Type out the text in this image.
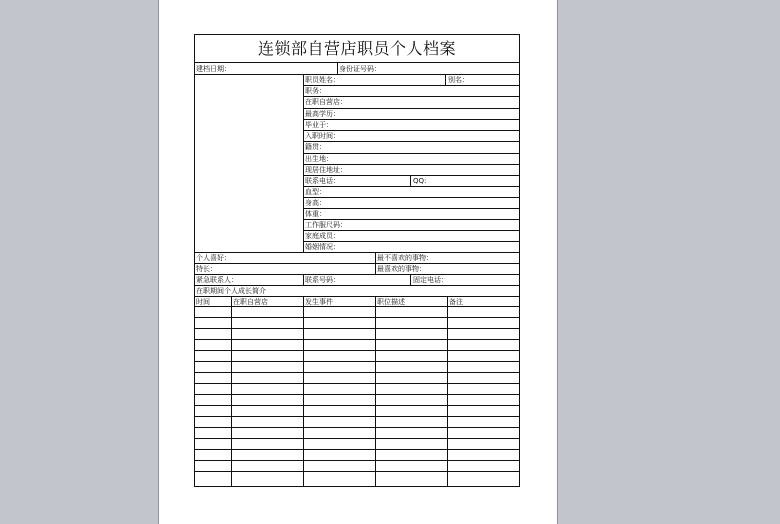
连锁部自营店职员个人档案
建档日期：	身份证号码：
职员姓名：	别名：
职务：
在职自营店：
最高学历：
毕业于：
入职时间：
籍贯：
出生地：
现居住地址：
联系电话：	QQ:
血型：
身高：
体重：
工作服尺码：
家庭成员：
婚姻情况：
个人喜好：	最不喜欢的事物：
特长：	最喜欢的事物：
紧急联系人：	联系号码：	固定电话：
在职期间个人成长简介
时间	在职自营店	发生事件	职位描述	备注
